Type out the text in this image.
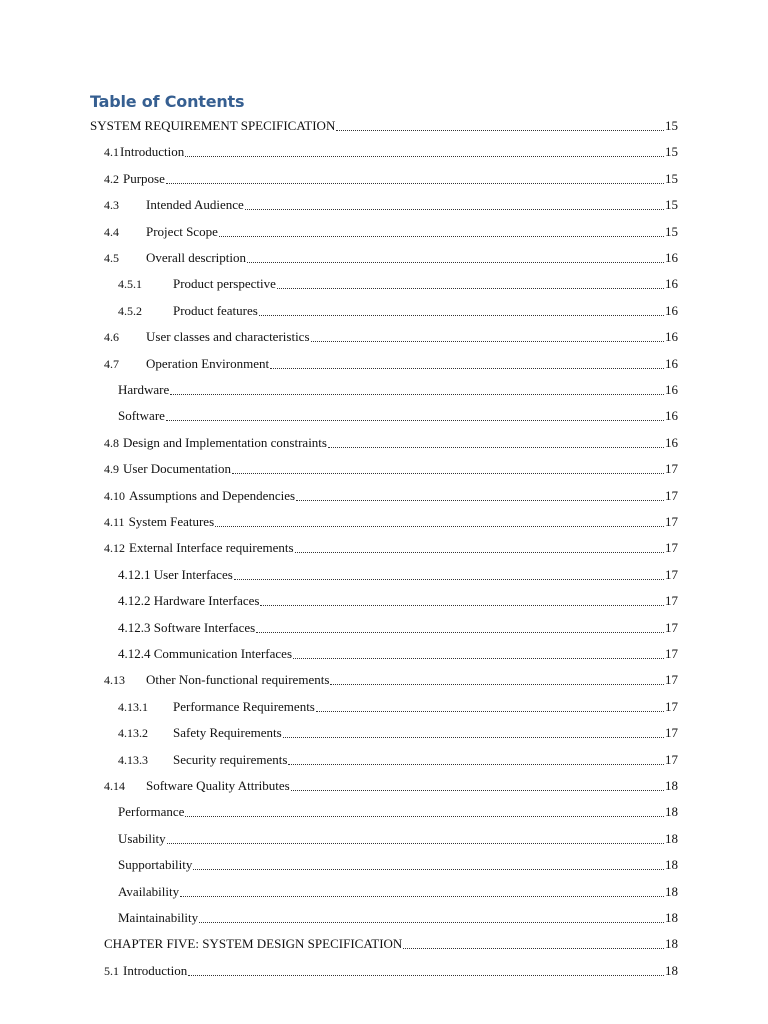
Table of Contents
SYSTEM REQUIREMENT SPECIFICATION	15
4.1 Introduction	15
4.2 Purpose	15
4.3	Intended Audience	15
4.4	Project Scope	15
4.5	Overall description	16
4.5.1	Product perspective	16
4.5.2	Product features	16
4.6	User classes and characteristics	16
4.7	Operation Environment	16
Hardware	16
Software	16
4.8 Design and Implementation constraints	16
4.9 User Documentation	17
4.10 Assumptions and Dependencies	17
4.11 System Features	17
4.12 External Interface requirements	17
4.12.1 User Interfaces	17
4.12.2 Hardware Interfaces	17
4.12.3 Software Interfaces	17
4.12.4 Communication Interfaces	17
4.13	Other Non-functional requirements	17
4.13.1	Performance Requirements	17
4.13.2	Safety Requirements	17
4.13.3	Security requirements	17
4.14	Software Quality Attributes	18
Performance	18
Usability	18
Supportability	18
Availability	18
Maintainability	18
CHAPTER FIVE: SYSTEM DESIGN SPECIFICATION	18
5.1 Introduction	18
